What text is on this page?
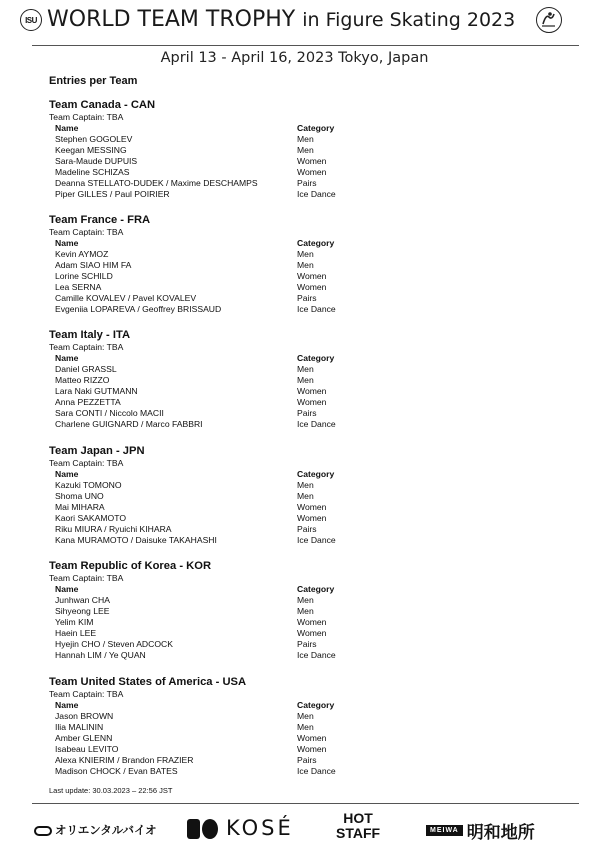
ISU WORLD TEAM TROPHY in Figure Skating 2023
April 13 - April 16, 2023 Tokyo, Japan
Entries per Team
Team Canada - CAN
Team Captain: TBA
Name	Category
Stephen GOGOLEV	Men
Keegan MESSING	Men
Sara-Maude DUPUIS	Women
Madeline SCHIZAS	Women
Deanna STELLATO-DUDEK / Maxime DESCHAMPS	Pairs
Piper GILLES / Paul POIRIER	Ice Dance
Team France - FRA
Team Captain: TBA
Name	Category
Kevin AYMOZ	Men
Adam SIAO HIM FA	Men
Lorine SCHILD	Women
Lea SERNA	Women
Camille KOVALEV / Pavel KOVALEV	Pairs
Evgeniia LOPAREVA / Geoffrey BRISSAUD	Ice Dance
Team Italy - ITA
Team Captain: TBA
Name	Category
Daniel GRASSL	Men
Matteo RIZZO	Men
Lara Naki GUTMANN	Women
Anna PEZZETTA	Women
Sara CONTI / Niccolo MACII	Pairs
Charlene GUIGNARD / Marco FABBRI	Ice Dance
Team Japan - JPN
Team Captain: TBA
Name	Category
Kazuki TOMONO	Men
Shoma UNO	Men
Mai MIHARA	Women
Kaori SAKAMOTO	Women
Riku MIURA / Ryuichi KIHARA	Pairs
Kana MURAMOTO / Daisuke TAKAHASHI	Ice Dance
Team Republic of Korea - KOR
Team Captain: TBA
Name	Category
Junhwan CHA	Men
Sihyeong LEE	Men
Yelim KIM	Women
Haein LEE	Women
Hyejin CHO / Steven ADCOCK	Pairs
Hannah LIM / Ye QUAN	Ice Dance
Team United States of America - USA
Team Captain: TBA
Name	Category
Jason BROWN	Men
Ilia MALININ	Men
Amber GLENN	Women
Isabeau LEVITO	Women
Alexa KNIERIM / Brandon FRAZIER	Pairs
Madison CHOCK / Evan BATES	Ice Dance
Last update: 30.03.2023 – 22:56 JST
オリエンタルバイオ	KOSÉ	HOT
STAFF	MEIWA 明和地所
